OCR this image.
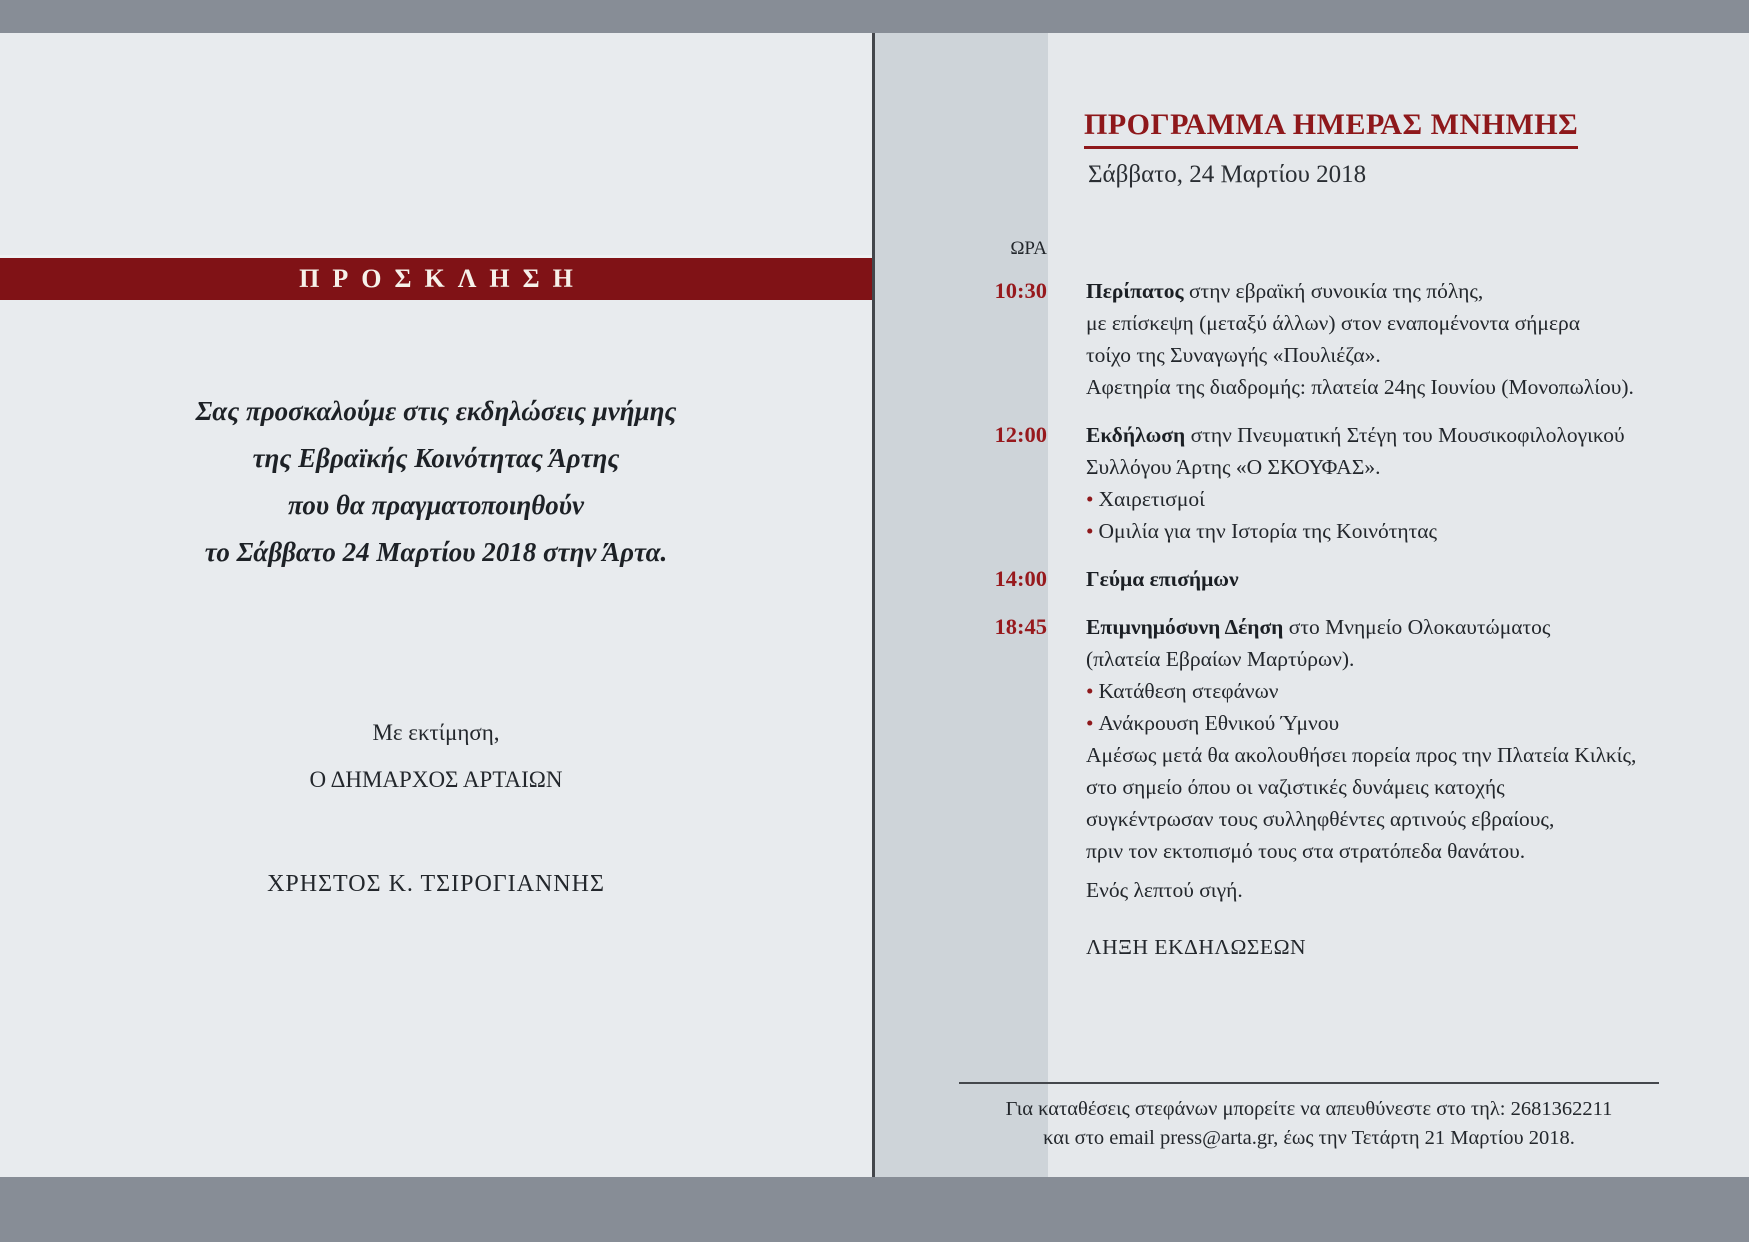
ΠΡΟΣΚΛΗΣΗ

Σας προσκαλούμε στις εκδηλώσεις μνήμης

της Εβραϊκής Κοινότητας Άρτης

που θα πραγματοποιηθούν

το Σάββατο 24 Μαρτίου 2018 στην Άρτα.

Με εκτίμηση,

Ο ΔΗΜΑΡΧΟΣ ΑΡΤΑΙΩΝ

ΧΡΗΣΤΟΣ Κ. ΤΣΙΡΟΓΙΑΝΝΗΣ
ΠΡΟΓΡΑΜΜΑ ΗΜΕΡΑΣ ΜΝΗΜΗΣ
Σάββατο, 24 Μαρτίου 2018
ΩΡΑ
10:30 Περίπατος στην εβραϊκή συνοικία της πόλης,

με επίσκεψη (μεταξύ άλλων) στον εναπομένοντα σήμερα

τοίχο της Συναγωγής «Πουλιέζα».

Αφετηρία της διαδρομής: πλατεία 24ης Ιουνίου (Μονοπωλίου).

12:00 Εκδήλωση στην Πνευματική Στέγη του Μουσικοφιλολογικού

Συλλόγου Άρτης «Ο ΣΚΟΥΦΑΣ».

• Χαιρετισμοί

• Ομιλία για την Ιστορία της Κοινότητας

14:00 Γεύμα επισήμων

18:45 Επιμνημόσυνη Δέηση στο Μνημείο Ολοκαυτώματος

(πλατεία Εβραίων Μαρτύρων).

• Κατάθεση στεφάνων

• Ανάκρουση Εθνικού Ύμνου

Αμέσως μετά θα ακολουθήσει πορεία προς την Πλατεία Κιλκίς,

στο σημείο όπου οι ναζιστικές δυνάμεις κατοχής

συγκέντρωσαν τους συλληφθέντες αρτινούς εβραίους,

πριν τον εκτοπισμό τους στα στρατόπεδα θανάτου.

Ενός λεπτού σιγή.
ΛΗΞΗ ΕΚΔΗΛΩΣΕΩΝ

Για καταθέσεις στεφάνων μπορείτε να απευθύνεστε στο τηλ: 2681362211

και στο email press@arta.gr, έως την Τετάρτη 21 Μαρτίου 2018.
